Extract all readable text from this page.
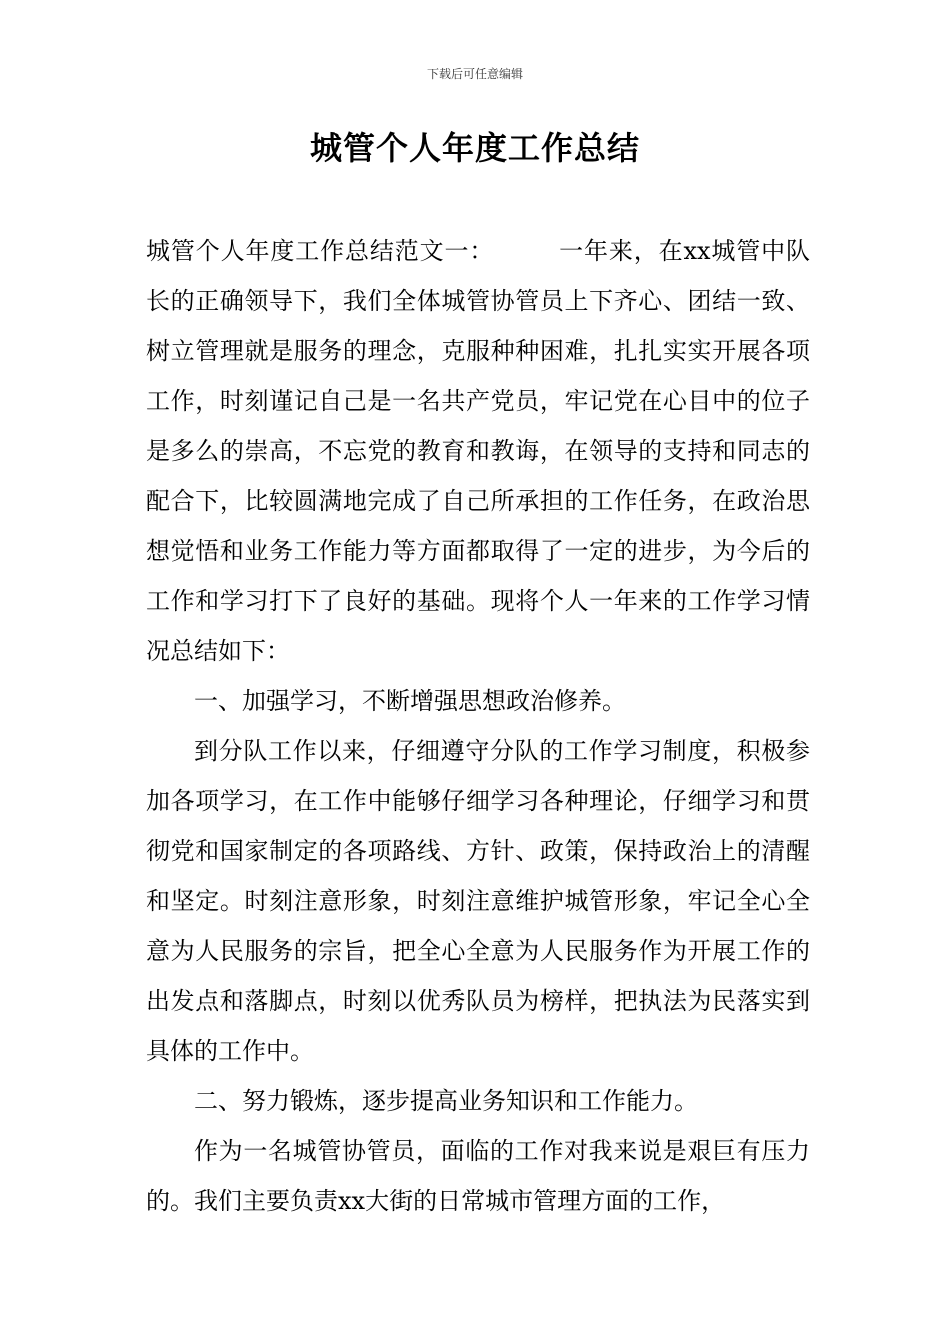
下载后可任意编辑
城管个人年度工作总结

城管个人年度工作总结范文一：	一年来，在xx城管中队长的正确领导下，我们全体城管协管员上下齐心、团结一致、树立管理就是服务的理念，克服种种困难，扎扎实实开展各项工作，时刻谨记自己是一名共产党员，牢记党在心目中的位子是多么的崇高，不忘党的教育和教诲，在领导的支持和同志的配合下，比较圆满地完成了自己所承担的工作任务，在政治思想觉悟和业务工作能力等方面都取得了一定的进步，为今后的工作和学习打下了良好的基础。现将个人一年来的工作学习情况总结如下：

一、加强学习，不断增强思想政治修养。

到分队工作以来，仔细遵守分队的工作学习制度，积极参加各项学习，在工作中能够仔细学习各种理论，仔细学习和贯彻党和国家制定的各项路线、方针、政策，保持政治上的清醒和坚定。时刻注意形象，时刻注意维护城管形象，牢记全心全意为人民服务的宗旨，把全心全意为人民服务作为开展工作的出发点和落脚点，时刻以优秀队员为榜样，把执法为民落实到具体的工作中。

二、努力锻炼，逐步提高业务知识和工作能力。

作为一名城管协管员，面临的工作对我来说是艰巨有压力的。我们主要负责xx大街的日常城市管理方面的工作，
